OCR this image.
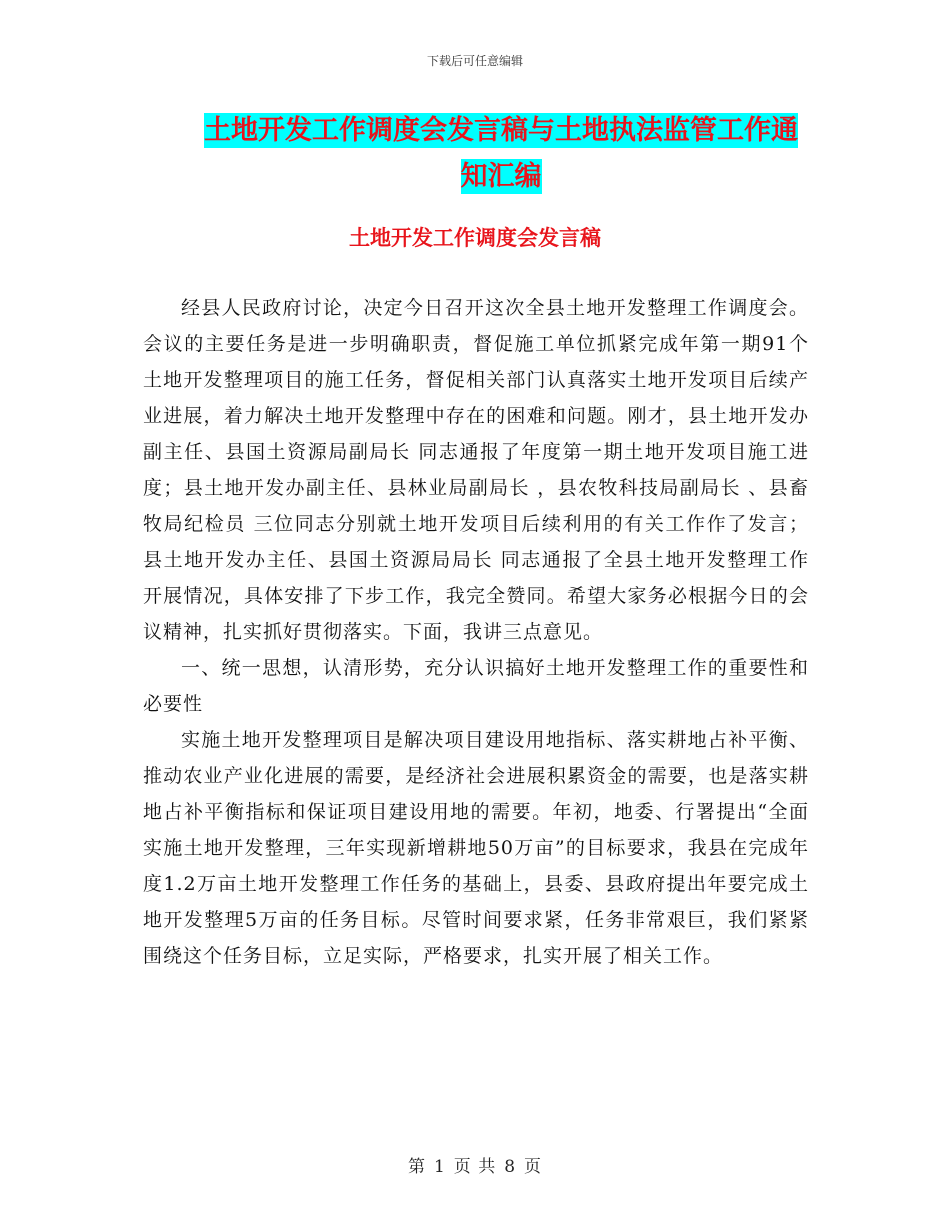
下载后可任意编辑
土地开发工作调度会发言稿与土地执法监管工作通知汇编
土地开发工作调度会发言稿

经县人民政府讨论，决定今日召开这次全县土地开发整理工作调度会。会议的主要任务是进一步明确职责，督促施工单位抓紧完成年第一期91个土地开发整理项目的施工任务，督促相关部门认真落实土地开发项目后续产业进展，着力解决土地开发整理中存在的困难和问题。刚才，县土地开发办副主任、县国土资源局副局长 同志通报了年度第一期土地开发项目施工进度；县土地开发办副主任、县林业局副局长 ，县农牧科技局副局长 、县畜牧局纪检员 三位同志分别就土地开发项目后续利用的有关工作作了发言；县土地开发办主任、县国土资源局局长 同志通报了全县土地开发整理工作开展情况，具体安排了下步工作，我完全赞同。希望大家务必根据今日的会议精神，扎实抓好贯彻落实。下面，我讲三点意见。

一、统一思想，认清形势，充分认识搞好土地开发整理工作的重要性和必要性

实施土地开发整理项目是解决项目建设用地指标、落实耕地占补平衡、推动农业产业化进展的需要，是经济社会进展积累资金的需要，也是落实耕地占补平衡指标和保证项目建设用地的需要。年初，地委、行署提出“全面实施土地开发整理，三年实现新增耕地50万亩”的目标要求，我县在完成年度1.2万亩土地开发整理工作任务的基础上，县委、县政府提出年要完成土地开发整理5万亩的任务目标。尽管时间要求紧，任务非常艰巨，我们紧紧围绕这个任务目标，立足实际，严格要求，扎实开展了相关工作。

第 1 页 共 8 页
